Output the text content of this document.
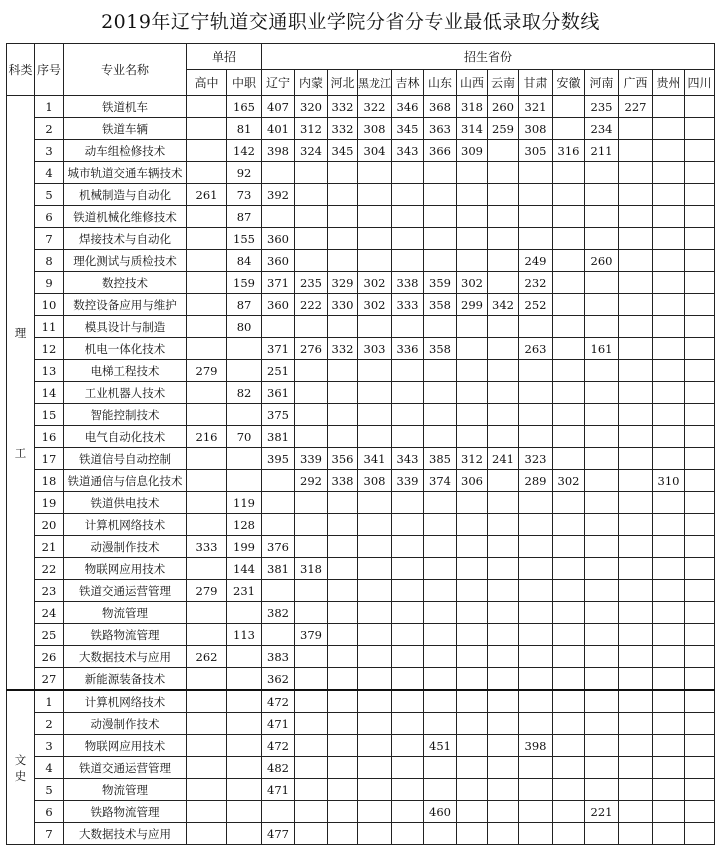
2019年辽宁轨道交通职业学院分省分专业最低录取分数线
科类	序号	专业名称	单招		招生省份													
			高中	中职	辽宁	内蒙	河北	黑龙江	吉林	山东	山西	云南	甘肃	安徽	河南	广西	贵州	四川

理
工	1	铁道机车		165	407	320	332	322	346	368	318	260	321		235	227		
	2	铁道车辆		81	401	312	332	308	345	363	314	259	308		234			
	3	动车组检修技术		142	398	324	345	304	343	366	309		305	316	211			
	4	城市轨道交通车辆技术		92														
	5	机械制造与自动化	261	73	392													
	6	铁道机械化维修技术		87														
	7	焊接技术与自动化		155	360													
	8	理化测试与质检技术		84	360								249		260			
	9	数控技术		159	371	235	329	302	338	359	302		232					
	10	数控设备应用与维护		87	360	222	330	302	333	358	299	342	252					
	11	模具设计与制造		80														
	12	机电一体化技术			371	276	332	303	336	358			263		161			
	13	电梯工程技术	279		251													
	14	工业机器人技术		82	361													
	15	智能控制技术			375													
	16	电气自动化技术	216	70	381													
	17	铁道信号自动控制			395	339	356	341	343	385	312	241	323					
	18	铁道通信与信息化技术				292	338	308	339	374	306		289	302			310	
	19	铁道供电技术		119														
	20	计算机网络技术		128														
	21	动漫制作技术	333	199	376													
	22	物联网应用技术		144	381	318												
	23	铁道交通运营管理	279	231														
	24	物流管理			382													
	25	铁路物流管理		113		379												
	26	大数据技术与应用	262		383													
	27	新能源装备技术			362													

文
史	1	计算机网络技术			472													
	2	动漫制作技术			471													
	3	物联网应用技术			472					451			398					
	4	铁道交通运营管理			482													
	5	物流管理			471													
	6	铁路物流管理								460					221			
	7	大数据技术与应用			477													
